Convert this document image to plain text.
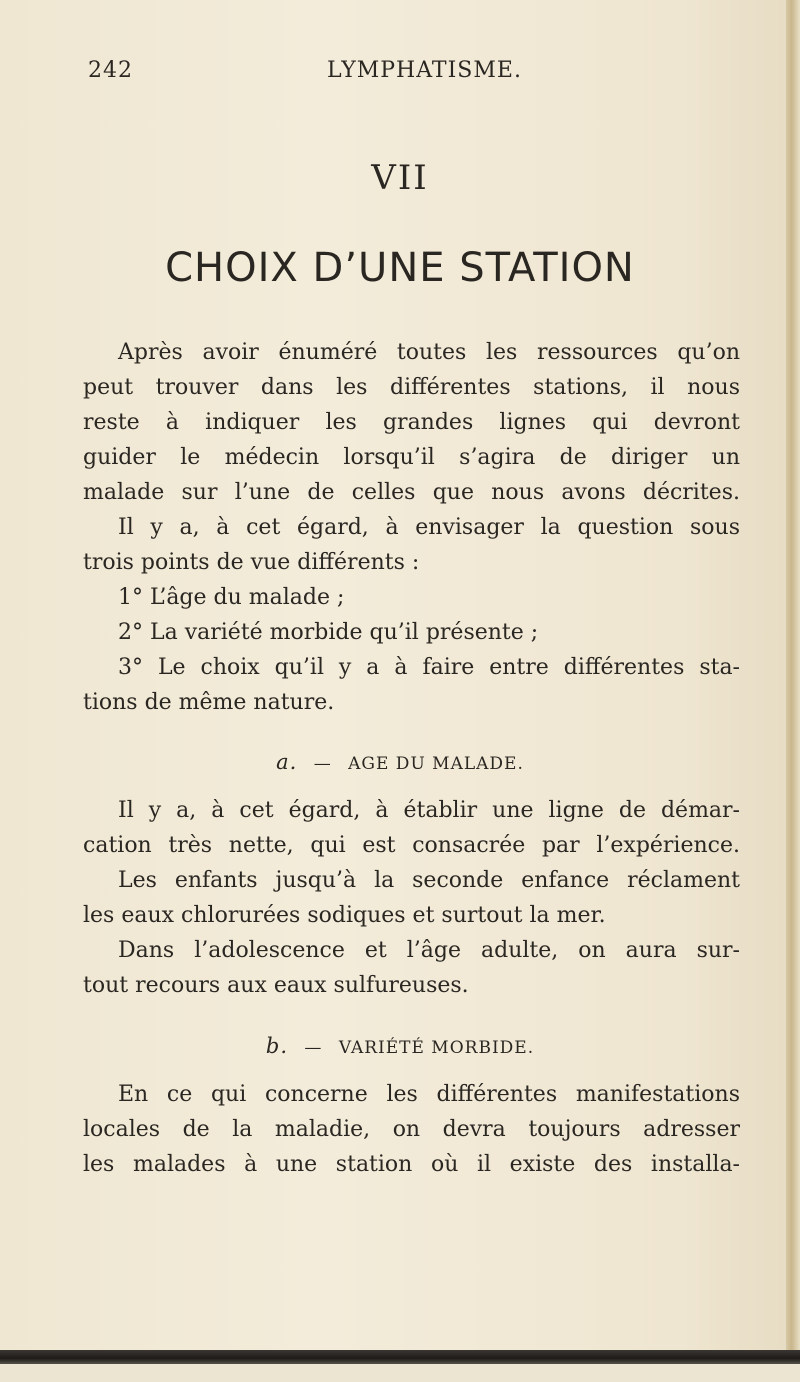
242	LYMPHATISME.
VII
CHOIX D’UNE STATION
Après avoir énuméré toutes les ressources qu’on
peut trouver dans les différentes stations, il nous
reste à indiquer les grandes lignes qui devront
guider le médecin lorsqu’il s’agira de diriger un
malade sur l’une de celles que nous avons décrites.
Il y a, à cet égard, à envisager la question sous
trois points de vue différents :
1° L’âge du malade ;
2° La variété morbide qu’il présente ;
3° Le choix qu’il y a à faire entre différentes sta-
tions de même nature.
a. — AGE DU MALADE.
Il y a, à cet égard, à établir une ligne de démar-
cation très nette, qui est consacrée par l’expérience.
Les enfants jusqu’à la seconde enfance réclament
les eaux chlorurées sodiques et surtout la mer.
Dans l’adolescence et l’âge adulte, on aura sur-
tout recours aux eaux sulfureuses.
b. — VARIÉTÉ MORBIDE.
En ce qui concerne les différentes manifestations
locales de la maladie, on devra toujours adresser
les malades à une station où il existe des installa-
